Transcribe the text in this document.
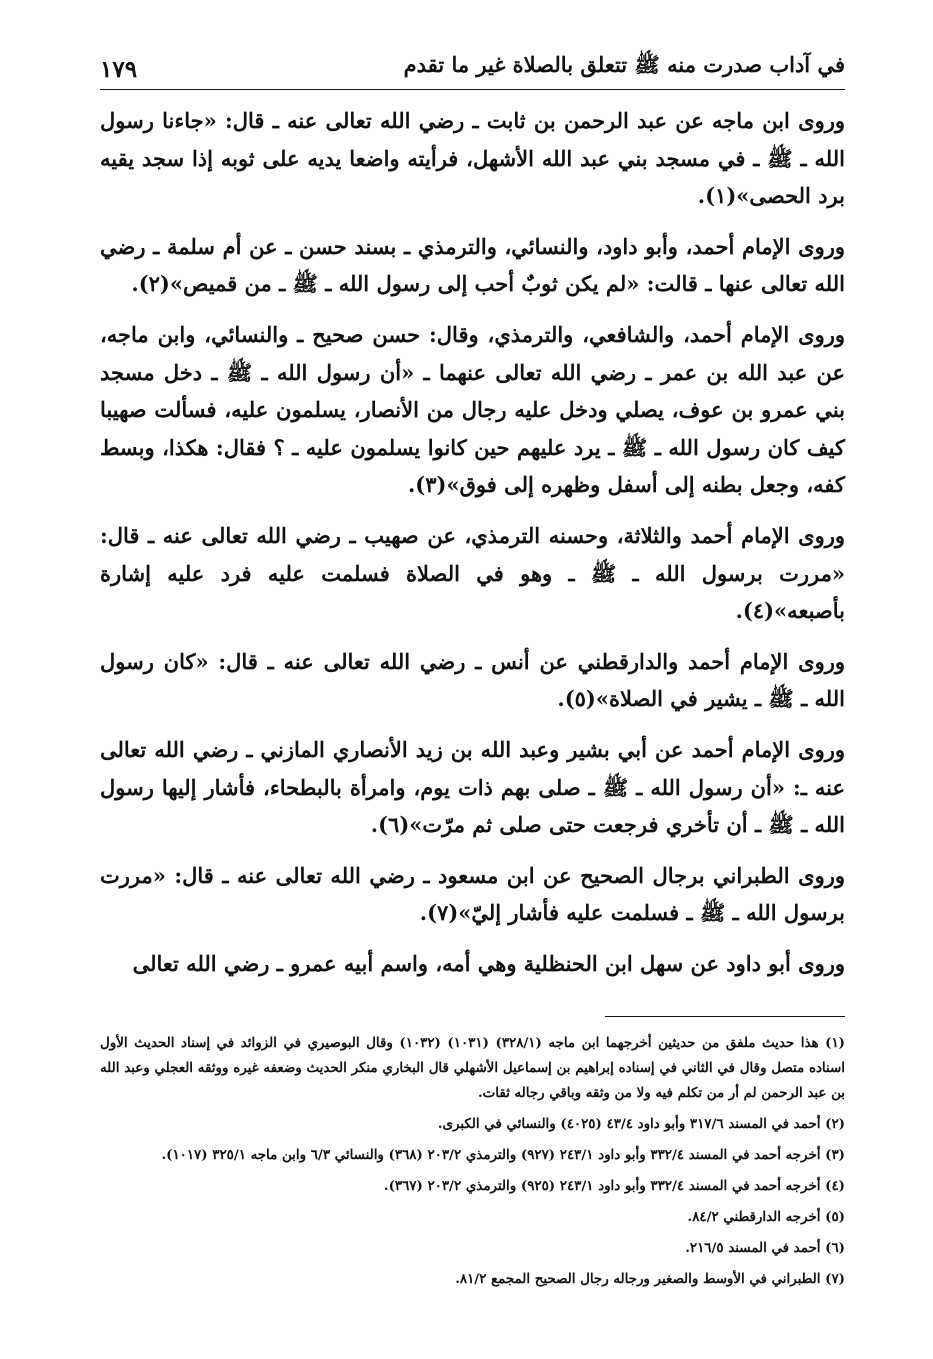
في آداب صدرت منه ﷺ تتعلق بالصلاة غير ما تقدم
١٧٩

وروى ابن ماجه عن عبد الرحمن بن ثابت ـ رضي الله تعالى عنه ـ قال: «جاءنا رسول الله ـ ﷺ ـ في مسجد بني عبد الله الأشهل، فرأيته واضعا يديه على ثوبه إذا سجد يقيه برد الحصى»(١).

وروى الإمام أحمد، وأبو داود، والنسائي، والترمذي ـ بسند حسن ـ عن أم سلمة ـ رضي الله تعالى عنها ـ قالت: «لم يكن ثوبٌ أحب إلى رسول الله ـ ﷺ ـ من قميص»(٢).

وروى الإمام أحمد، والشافعي، والترمذي، وقال: حسن صحيح ـ والنسائي، وابن ماجه، عن عبد الله بن عمر ـ رضي الله تعالى عنهما ـ «أن رسول الله ـ ﷺ ـ دخل مسجد بني عمرو بن عوف، يصلي ودخل عليه رجال من الأنصار، يسلمون عليه، فسألت صهيبا كيف كان رسول الله ـ ﷺ ـ يرد عليهم حين كانوا يسلمون عليه ـ ؟ فقال: هكذا، وبسط كفه، وجعل بطنه إلى أسفل وظهره إلى فوق»(٣).

وروى الإمام أحمد والثلاثة، وحسنه الترمذي، عن صهيب ـ رضي الله تعالى عنه ـ قال: «مررت برسول الله ـ ﷺ ـ وهو في الصلاة فسلمت عليه فرد عليه إشارة بأصبعه»(٤).

وروى الإمام أحمد والدارقطني عن أنس ـ رضي الله تعالى عنه ـ قال: «كان رسول الله ـ ﷺ ـ يشير في الصلاة»(٥).

وروى الإمام أحمد عن أبي بشير وعبد الله بن زيد الأنصاري المازني ـ رضي الله تعالى عنه ـ: «أن رسول الله ـ ﷺ ـ صلى بهم ذات يوم، وامرأة بالبطحاء، فأشار إليها رسول الله ـ ﷺ ـ أن تأخري فرجعت حتى صلى ثم مرّت»(٦).

وروى الطبراني برجال الصحيح عن ابن مسعود ـ رضي الله تعالى عنه ـ قال: «مررت برسول الله ـ ﷺ ـ فسلمت عليه فأشار إليّ»(٧).

وروى أبو داود عن سهل ابن الحنظلية وهي أمه، واسم أبيه عمرو ـ رضي الله تعالى

(١) هذا حديث ملفق من حديثين أخرجهما ابن ماجه (٣٢٨/١) (١٠٣١) (١٠٣٢) وقال البوصيري في الزوائد في إسناد الحديث الأول اسناده متصل وقال في الثاني في إسناده إبراهيم بن إسماعيل الأشهلي قال البخاري منكر الحديث وضعفه غيره ووثقه العجلي وعبد الله بن عبد الرحمن لم أر من تكلم فيه ولا من وثقه وباقي رجاله ثقات.

(٢) أحمد في المسند ٣١٧/٦ وأبو داود ٤٣/٤ (٤٠٢٥) والنسائي في الكبرى.

(٣) أخرجه أحمد في المسند ٣٣٢/٤ وأبو داود ٢٤٣/١ (٩٢٧) والترمذي ٢٠٣/٢ (٣٦٨) والنسائي ٦/٣ وابن ماجه ٣٢٥/١ (١٠١٧).

(٤) أخرجه أحمد في المسند ٣٣٢/٤ وأبو داود ٢٤٣/١ (٩٢٥) والترمذي ٢٠٣/٢ (٣٦٧).

(٥) أخرجه الدارقطني ٨٤/٢.

(٦) أحمد في المسند ٢١٦/٥.

(٧) الطبراني في الأوسط والصغير ورجاله رجال الصحيح المجمع ٨١/٢.
